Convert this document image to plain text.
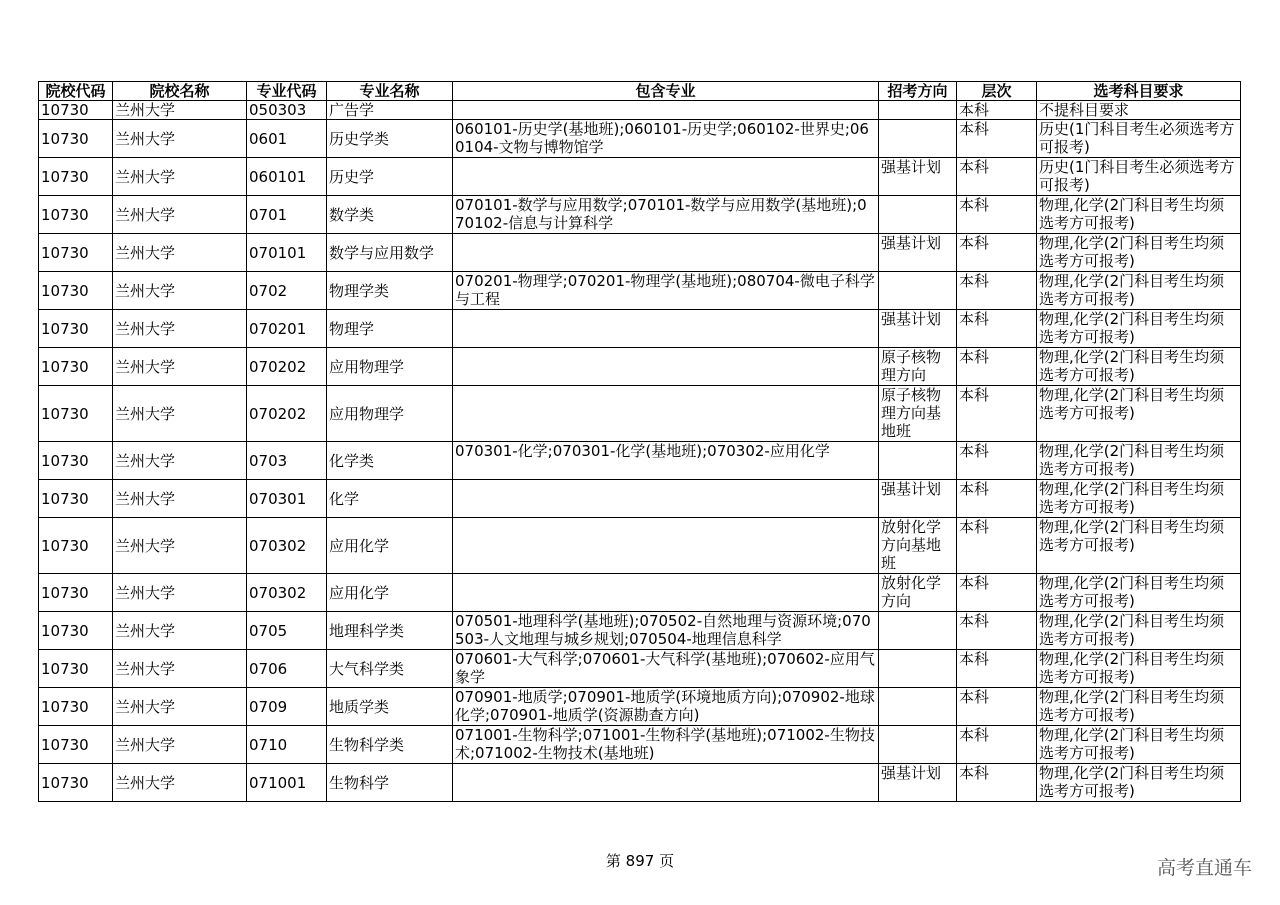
院校代码	院校名称	专业代码	专业名称	包含专业	招考方向	层次	选考科目要求
10730	兰州大学	050303	广告学			本科	不提科目要求
10730	兰州大学	0601	历史学类	060101-历史学(基地班);060101-历史学;060102-世界史;060104-文物与博物馆学		本科	历史(1门科目考生必须选考方可报考)
10730	兰州大学	060101	历史学		强基计划	本科	历史(1门科目考生必须选考方可报考)
10730	兰州大学	0701	数学类	070101-数学与应用数学;070101-数学与应用数学(基地班);070102-信息与计算科学		本科	物理,化学(2门科目考生均须选考方可报考)
10730	兰州大学	070101	数学与应用数学		强基计划	本科	物理,化学(2门科目考生均须选考方可报考)
10730	兰州大学	0702	物理学类	070201-物理学;070201-物理学(基地班);080704-微电子科学与工程		本科	物理,化学(2门科目考生均须选考方可报考)
10730	兰州大学	070201	物理学		强基计划	本科	物理,化学(2门科目考生均须选考方可报考)
10730	兰州大学	070202	应用物理学		原子核物理方向	本科	物理,化学(2门科目考生均须选考方可报考)
10730	兰州大学	070202	应用物理学		原子核物理方向基地班	本科	物理,化学(2门科目考生均须选考方可报考)
10730	兰州大学	0703	化学类	070301-化学;070301-化学(基地班);070302-应用化学		本科	物理,化学(2门科目考生均须选考方可报考)
10730	兰州大学	070301	化学		强基计划	本科	物理,化学(2门科目考生均须选考方可报考)
10730	兰州大学	070302	应用化学		放射化学方向基地班	本科	物理,化学(2门科目考生均须选考方可报考)
10730	兰州大学	070302	应用化学		放射化学方向	本科	物理,化学(2门科目考生均须选考方可报考)
10730	兰州大学	0705	地理科学类	070501-地理科学(基地班);070502-自然地理与资源环境;070503-人文地理与城乡规划;070504-地理信息科学		本科	物理,化学(2门科目考生均须选考方可报考)
10730	兰州大学	0706	大气科学类	070601-大气科学;070601-大气科学(基地班);070602-应用气象学		本科	物理,化学(2门科目考生均须选考方可报考)
10730	兰州大学	0709	地质学类	070901-地质学;070901-地质学(环境地质方向);070902-地球化学;070901-地质学(资源勘查方向)		本科	物理,化学(2门科目考生均须选考方可报考)
10730	兰州大学	0710	生物科学类	071001-生物科学;071001-生物科学(基地班);071002-生物技术;071002-生物技术(基地班)		本科	物理,化学(2门科目考生均须选考方可报考)
10730	兰州大学	071001	生物科学		强基计划	本科	物理,化学(2门科目考生均须选考方可报考)
第 897 页	高考直通车
